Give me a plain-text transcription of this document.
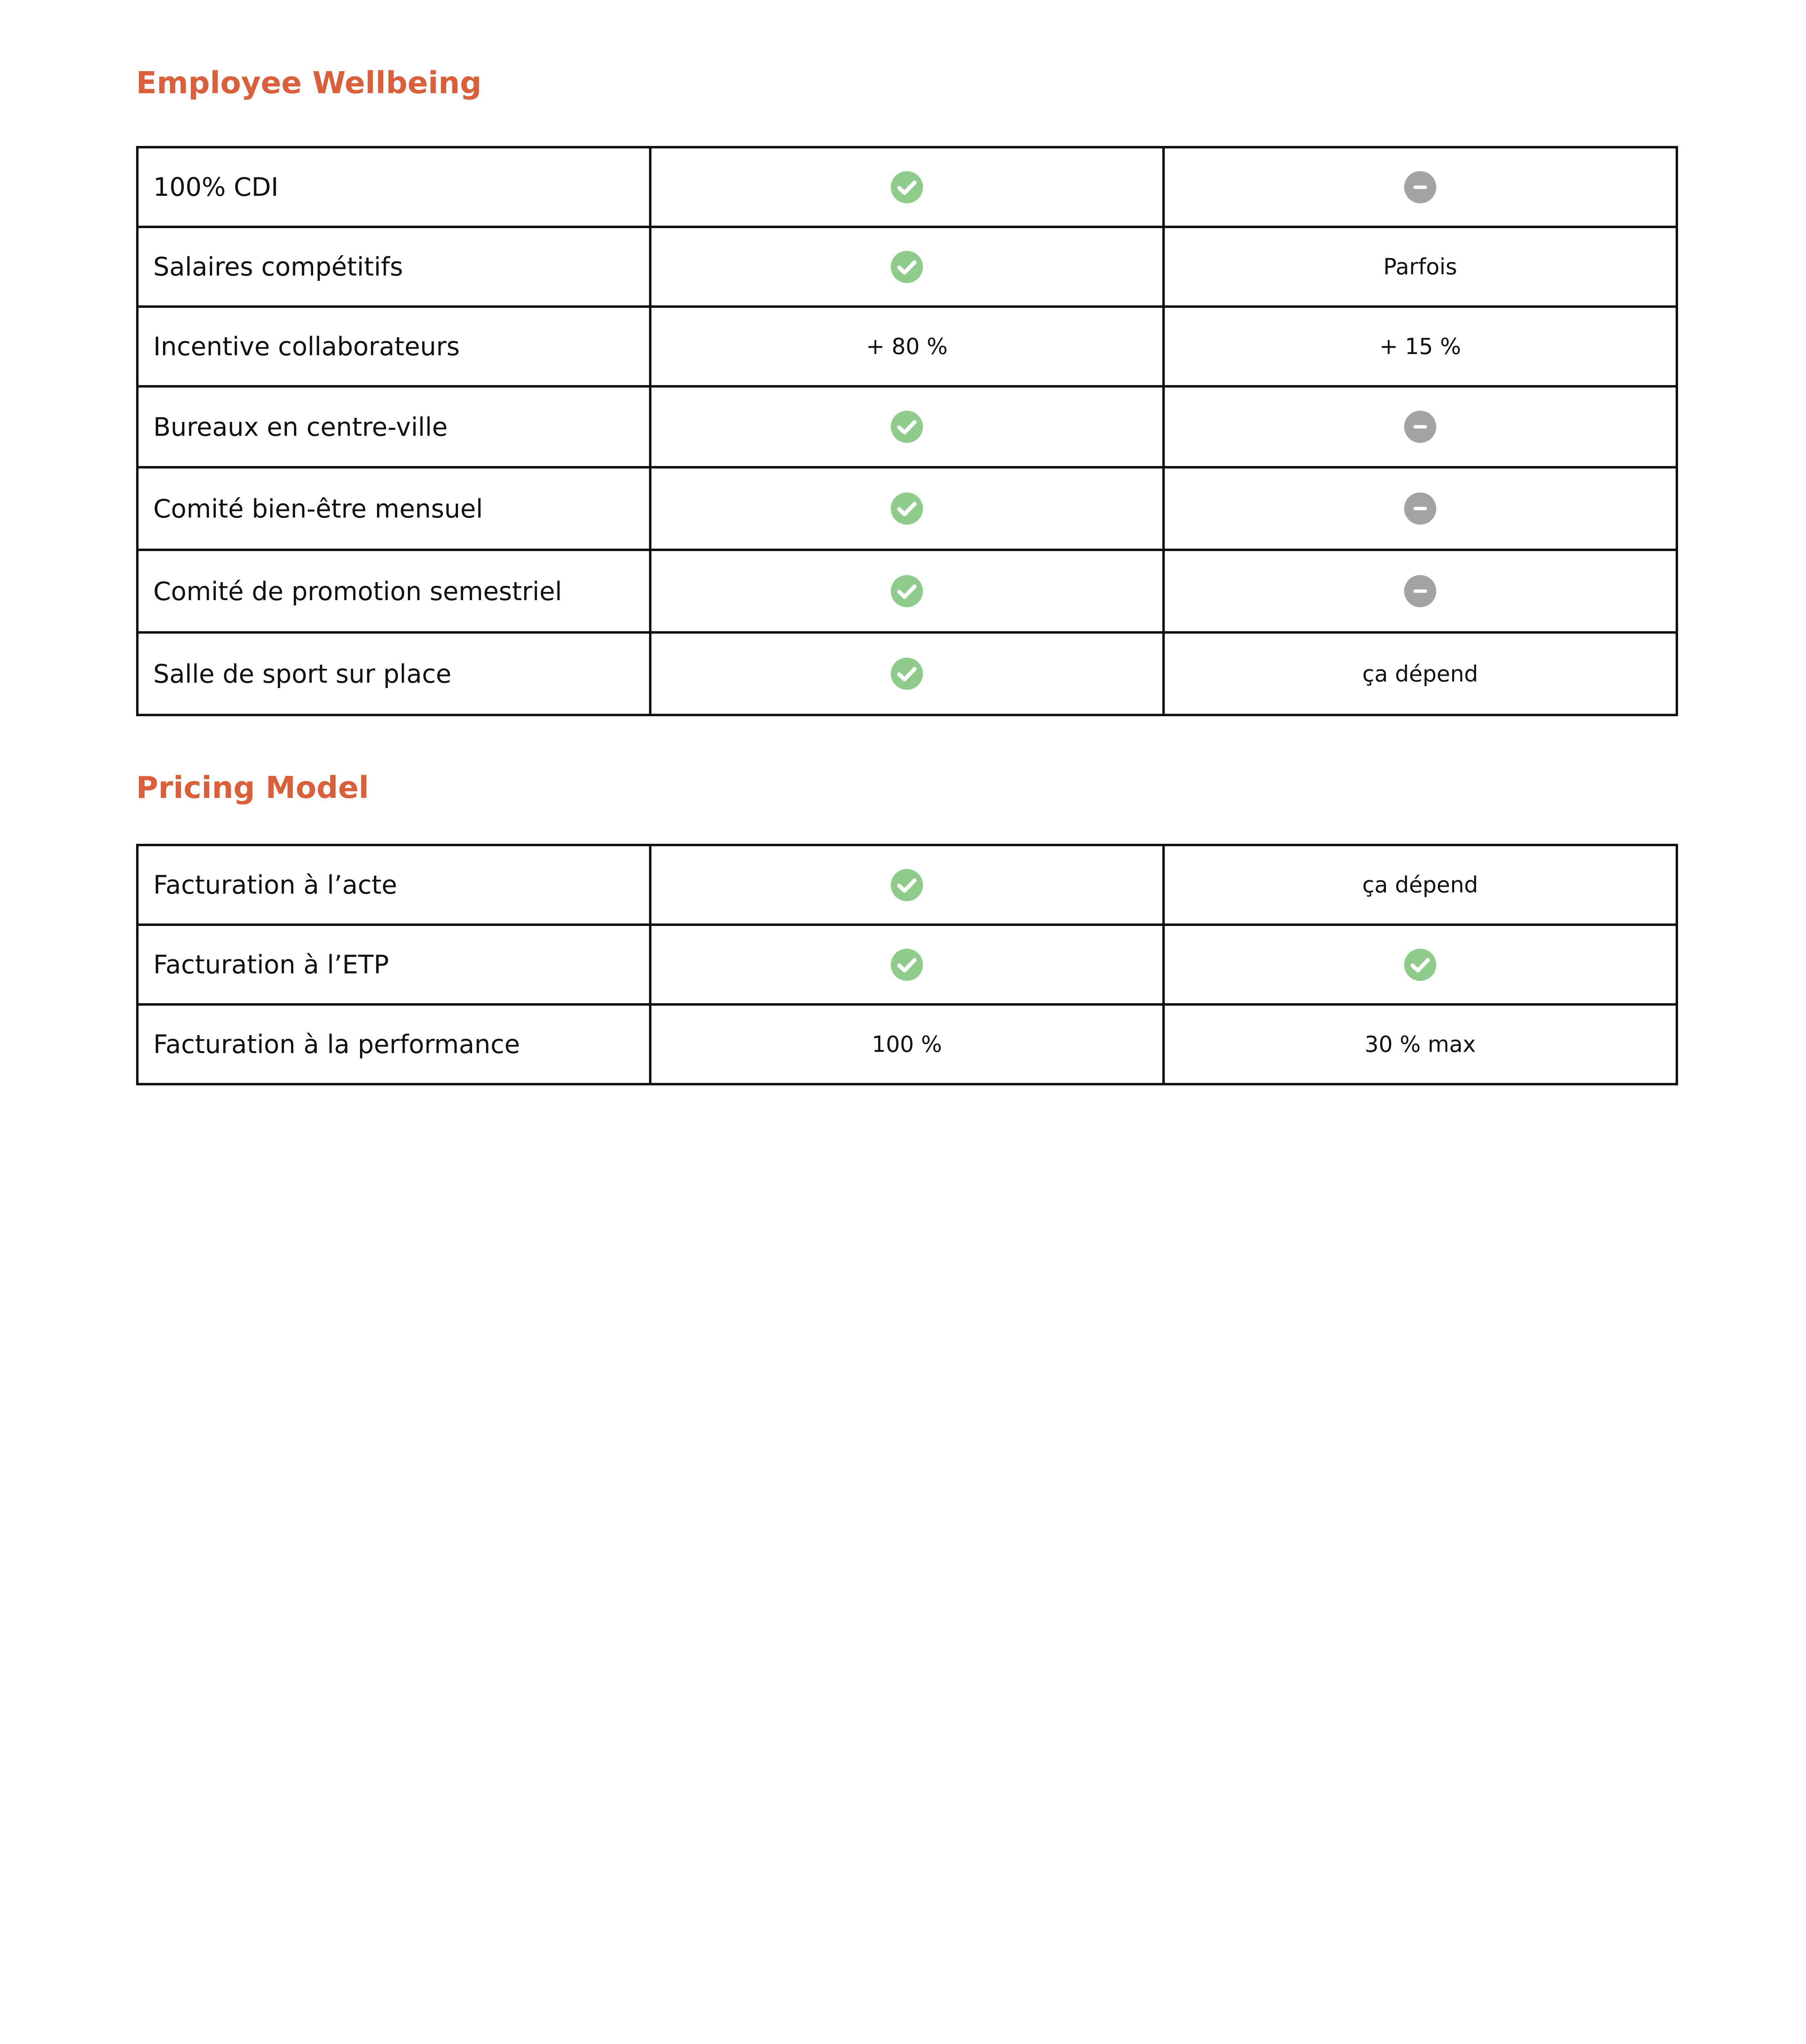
Employee Wellbeing
100% CDI	

Salaires compétitifs		Parfois
Incentive collaborateurs	+ 80 %	+ 15 %
Bureaux en centre-ville	

Comité bien-être mensuel	

Comité de promotion semestriel	

Salle de sport sur place		ça dépend
Pricing Model
Facturation à l’acte		ça dépend
Facturation à l’ETP	

Facturation à la performance	100 %	30 % max
